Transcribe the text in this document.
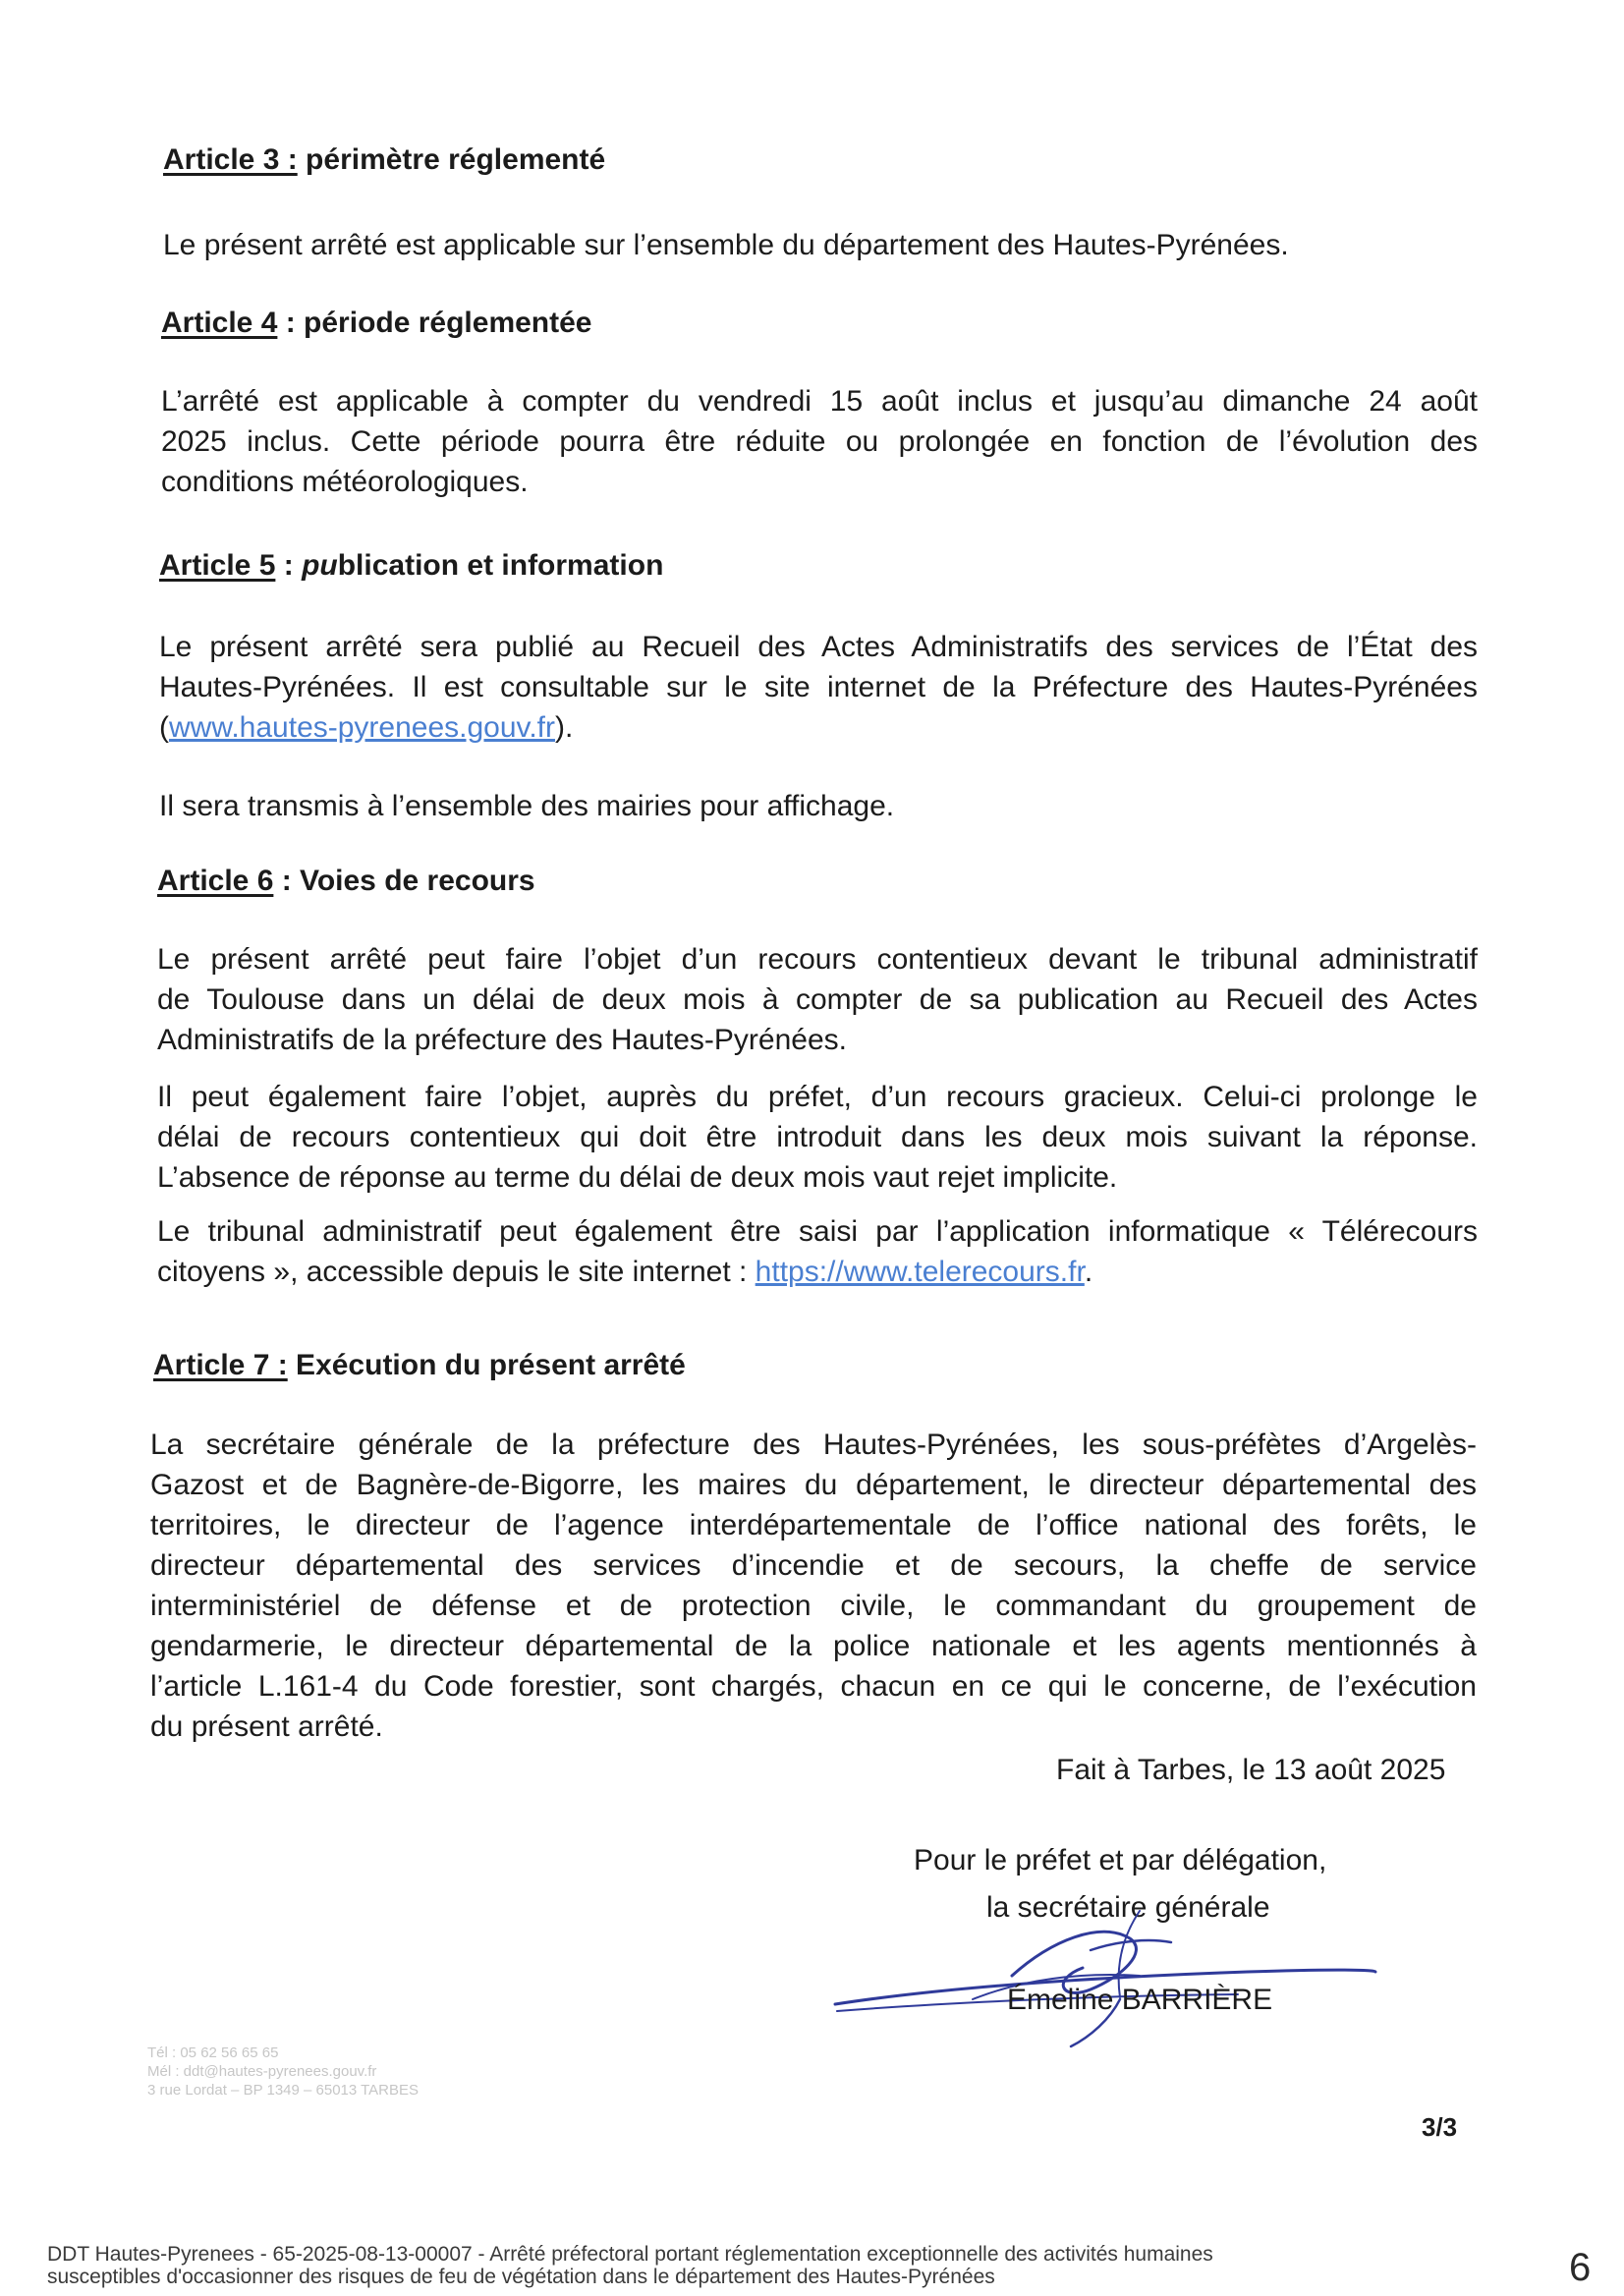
Article 3 : périmètre réglementé
Le présent arrêté est applicable sur l’ensemble du département des Hautes-Pyrénées.
Article 4 : période réglementée
L’arrêté est applicable à compter du vendredi 15 août inclus et jusqu’au dimanche 24 août
2025 inclus. Cette période pourra être réduite ou prolongée en fonction de l’évolution des
conditions météorologiques.
Article 5 : publication et information
Le présent arrêté sera publié au Recueil des Actes Administratifs des services de l’État des
Hautes-Pyrénées. Il est consultable sur le site internet de la Préfecture des Hautes-Pyrénées
(www.hautes-pyrenees.gouv.fr).
Il sera transmis à l’ensemble des mairies pour affichage.
Article 6 : Voies de recours
Le présent arrêté peut faire l’objet d’un recours contentieux devant le tribunal administratif
de Toulouse dans un délai de deux mois à compter de sa publication au Recueil des Actes
Administratifs de la préfecture des Hautes-Pyrénées.
Il peut également faire l’objet, auprès du préfet, d’un recours gracieux. Celui-ci prolonge le
délai de recours contentieux qui doit être introduit dans les deux mois suivant la réponse.
L’absence de réponse au terme du délai de deux mois vaut rejet implicite.
Le tribunal administratif peut également être saisi par l’application informatique « Télérecours
citoyens », accessible depuis le site internet : https://www.telerecours.fr.
Article 7 : Exécution du présent arrêté
La secrétaire générale de la préfecture des Hautes-Pyrénées, les sous-préfètes d’Argelès-
Gazost et de Bagnère-de-Bigorre, les maires du département, le directeur départemental des
territoires, le directeur de l’agence interdépartementale de l’office national des forêts, le
directeur départemental des services d’incendie et de secours, la cheffe de service
interministériel de défense et de protection civile, le commandant du groupement de
gendarmerie, le directeur départemental de la police nationale et les agents mentionnés à
l’article L.161-4 du Code forestier, sont chargés, chacun en ce qui le concerne, de l’exécution
du présent arrêté.
Fait à Tarbes, le 13 août 2025
Pour le préfet et par délégation,
la secrétaire générale
Émeline BARRIÈRE
Tél : 05 62 56 65 65
Mél : ddt@hautes-pyrenees.gouv.fr
3 rue Lordat – BP 1349 – 65013 TARBES
3/3
DDT Hautes-Pyrenees - 65-2025-08-13-00007 - Arrêté préfectoral portant réglementation exceptionnelle des activités humaines
susceptibles d'occasionner des risques de feu de végétation dans le département des Hautes-Pyrénées	6
